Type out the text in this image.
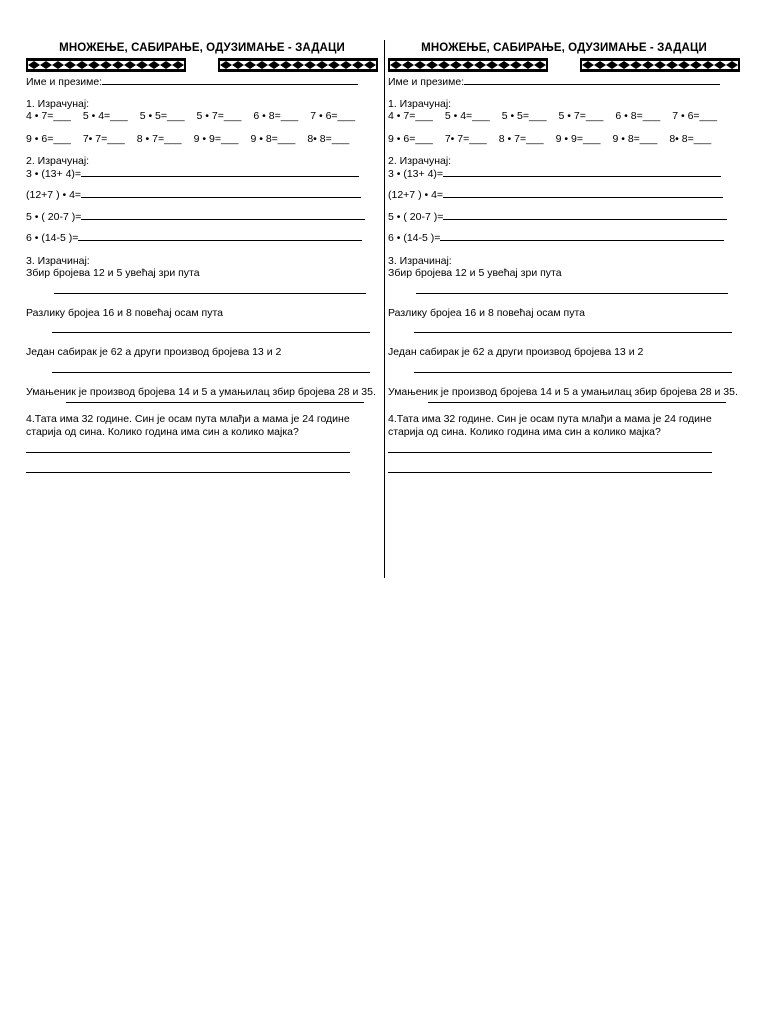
МНОЖЕЊЕ, САБИРАЊЕ, ОДУЗИМАЊЕ - ЗАДАЦИ
Име и презиме:
1. Израчунај:
4 • 7=___ 5 • 4=___ 5 • 5=___ 5 • 7=___ 6 • 8=___ 7 • 6=___
9 • 6=___ 7• 7=___ 8 • 7=___ 9 • 9=___ 9 • 8=___ 8• 8=___
2. Израчунај:
3 • (13+ 4)=
(12+7 ) • 4=
5 • ( 20-7 )=
6 • (14-5 )=
3. Израчинај:
Збир бројева 12 и 5 увећај зри пута
Разлику бројеа 16 и 8 повећај осам пута
Један сабирак је 62 а други производ бројева 13 и 2
Умањеник је производ бројева 14 и 5 а умањилац збир бројева 28 и 35.
4.Тата има 32 године. Син је осам пута млађи а мама је 24 године старија од сина. Колико година има син а колико мајка?
МНОЖЕЊЕ, САБИРАЊЕ, ОДУЗИМАЊЕ - ЗАДАЦИ
Име и презиме:
1. Израчунај:
4 • 7=___ 5 • 4=___ 5 • 5=___ 5 • 7=___ 6 • 8=___ 7 • 6=___
9 • 6=___ 7• 7=___ 8 • 7=___ 9 • 9=___ 9 • 8=___ 8• 8=___
2. Израчунај:
3 • (13+ 4)=
(12+7 ) • 4=
5 • ( 20-7 )=
6 • (14-5 )=
3. Израчинај:
Збир бројева 12 и 5 увећај зри пута
Разлику бројеа 16 и 8 повећај осам пута
Један сабирак је 62 а други производ бројева 13 и 2
Умањеник је производ бројева 14 и 5 а умањилац збир бројева 28 и 35.
4.Тата има 32 године. Син је осам пута млађи а мама је 24 године старија од сина. Колико година има син а колико мајка?
